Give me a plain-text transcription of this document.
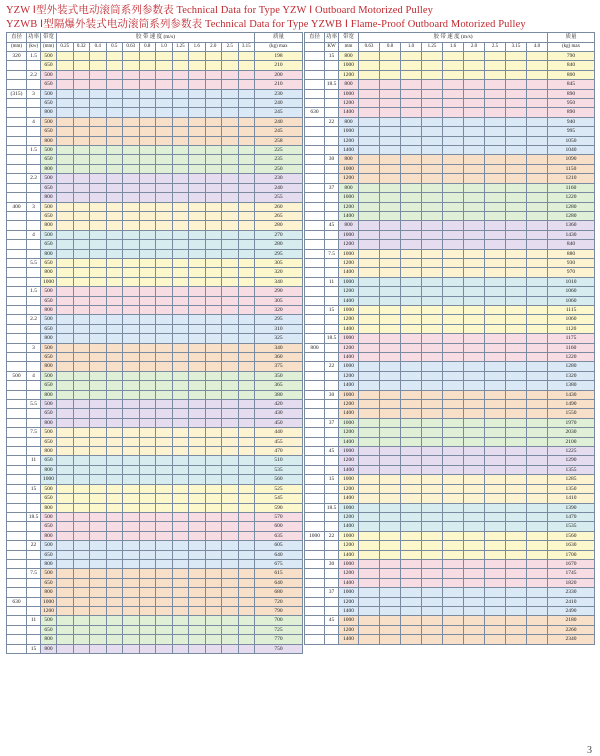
YZW Ⅰ型外装式电动滚筒系列参数表 Technical Data for Type YZW Ⅰ Outboard Motorized Pulley
YZWB Ⅰ型隔爆外装式电动滚筒系列参数表 Technical Data for Type YZWB Ⅰ Flame-Proof Outboard Motorized Pulley
直径	功率	带宽	胶 带 速 度 (m/s)												质量
(mm)	(kw)	(mm)	0.25	0.32	0.4	0.5	0.63	0.8	1.0	1.25	1.6	2.0	2.5	3.15	(kg) max
320	1.5	500													198
		650													210
	2.2	500													200
		650													210
(315)	3	500													230
		650													240
		800													245
	4	500													240
		650													245
		800													258
	1.5	500													225
		650													235
		800													250
	2.2	500													230
		650													240
		800													255
400	3	500													260
		650													265
		800													280
	4	500													270
		650													280
		800													295
	5.5	650													305
		800													320
		1000													340
	1.5	500													290
		650													305
		800													320
	2.2	500													295
		650													310
		800													325
	3	500													340
		650													360
		800													375
500	4	500													350
		650													365
		800													380
	5.5	500													420
		650													430
		800													450
	7.5	500													440
		650													455
		800													470
	11	650													510
		800													535
		1000													560
	15	500													525
		650													545
		800													590
	18.5	500													570
		650													600
		800													635
	22	500													605
		650													640
		800													675
	7.5	500													615
		650													640
		800													680
630		1000													720
		1200													790
	11	500													700
		650													725
		800													770
	15	800													750
直径	功率	带宽	胶 带 速 度 (m/s)									质量
	KW	mm	0.63	0.8	1.0	1.25	1.6	2.0	2.5	3.15	4.0	(kg) max
	15	800										790
		1000										840
		1200										800
	18.5	800										845
		1000										890
		1200										950
630		1400										890
	22	800										940
		1000										995
		1200										1050
		1400										1040
	30	800										1090
		1000										1150
		1200										1210
	37	800										1160
		1000										1220
		1200										1280
		1400										1280
	45	800										1360
		1000										1430
		1200										840
	7.5	1000										880
		1200										930
		1400										970
	11	1000										1010
		1200										1060
		1400										1060
	15	1000										1115
		1200										1060
		1400										1120
	18.5	1000										1175
800		1200										1160
		1400										1220
	22	1000										1280
		1200										1320
		1400										1380
	30	1000										1430
		1200										1490
		1400										1550
	37	1000										1970
		1200										2030
		1400										2100
	45	1000										1225
		1200										1290
		1400										1355
	15	1000										1285
		1200										1350
		1400										1410
	18.5	1000										1390
		1200										1470
		1400										1535
1000	22	1000										1560
		1200										1630
		1400										1700
	30	1000										1670
		1200										1745
		1400										1820
	37	1000										2330
		1200										2410
		1400										2490
	45	1000										2180
		1200										2260
		1400										2340
3
